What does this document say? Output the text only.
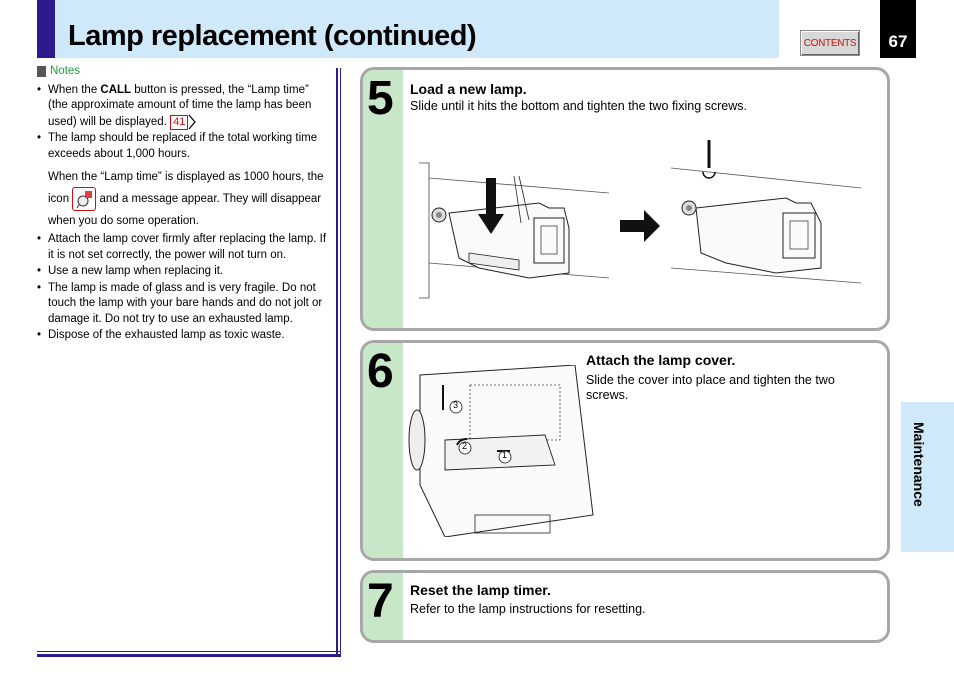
Lamp replacement (continued)	CONTENTS	67
Maintenance
Notes
• When the CALL button is pressed, the “Lamp time” (the approximate amount of time the lamp has been used) will be displayed. 41
• The lamp should be replaced if the total working time exceeds about 1,000 hours.
When the “Lamp time” is displayed as 1000 hours, the icon	and a message appear. They will disappear when you do some operation.
• Attach the lamp cover firmly after replacing the lamp. If it is not set correctly, the power will not turn on.
• Use a new lamp when replacing it.
• The lamp is made of glass and is very fragile. Do not touch the lamp with your bare hands and do not jolt or damage it. Do not try to use an exhausted lamp.
• Dispose of the exhausted lamp as toxic waste.
5 Load a new lamp.
Slide until it hits the bottom and tighten the two fixing screws.
6	Attach the lamp cover.
Slide the cover into place and tighten the two screws.
3
2
1
7 Reset the lamp timer.
Refer to the lamp instructions for resetting.
